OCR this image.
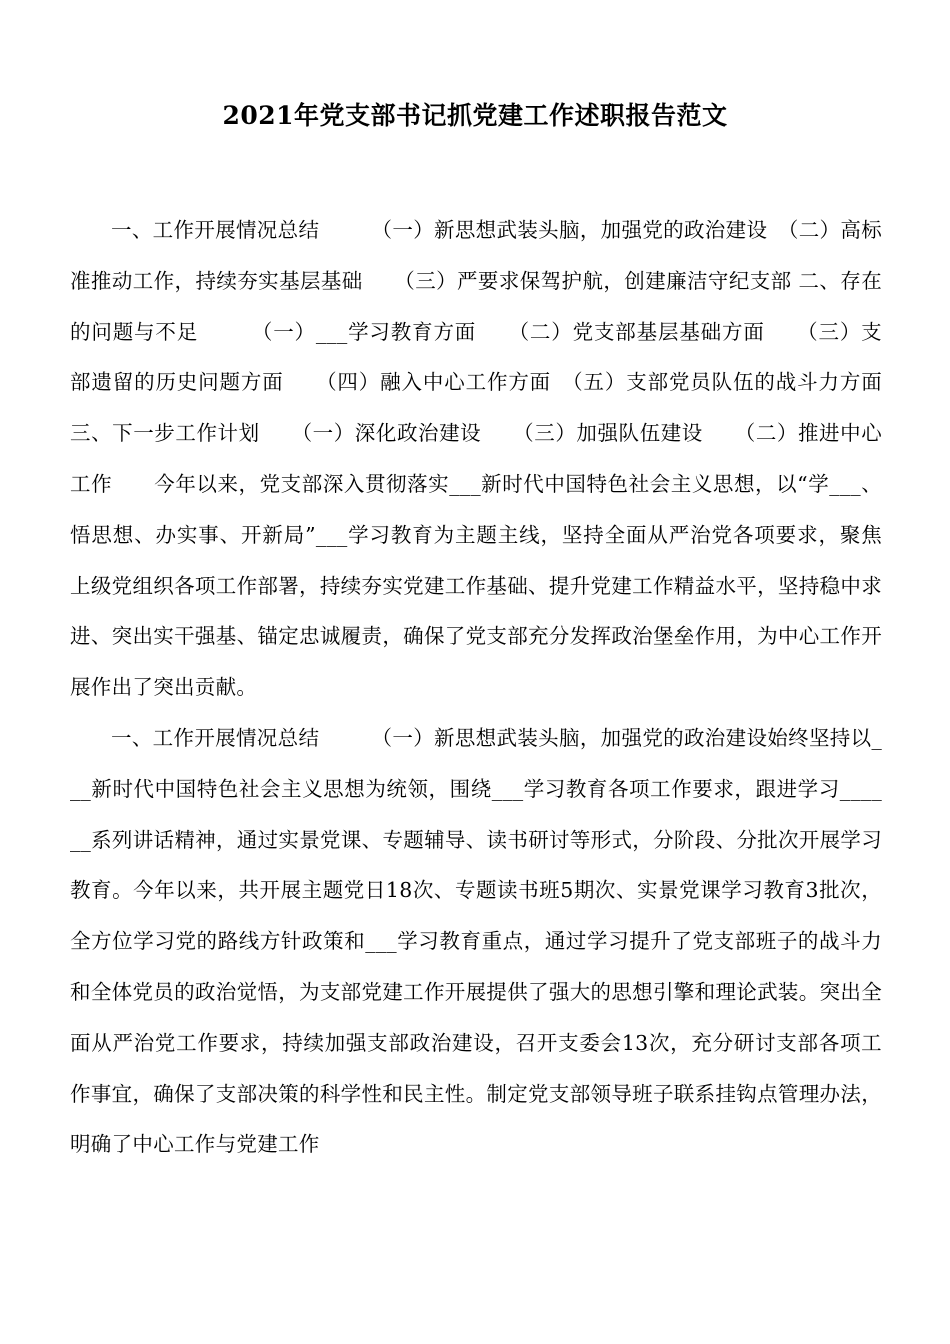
2021年党支部书记抓党建工作述职报告范文

一、工作开展情况总结　　　（一）新思想武装头脑，加强党的政治建设　（二）高标准推动工作，持续夯实基层基础　　（三）严要求保驾护航，创建廉洁守纪支部 二、存在的问题与不足　　　（一）___学习教育方面　　（二）党支部基层基础方面　　（三）支部遗留的历史问题方面　　（四）融入中心工作方面　（五）支部党员队伍的战斗力方面　　三、下一步工作计划　　（一）深化政治建设　　（三）加强队伍建设　　（二）推进中心工作　　今年以来，党支部深入贯彻落实___新时代中国特色社会主义思想，以“学___、悟思想、办实事、开新局”___学习教育为主题主线，坚持全面从严治党各项要求，聚焦 上级党组织各项工作部署，持续夯实党建工作基础、提升党建工作精益水平，坚持稳中求进、突出实干强基、锚定忠诚履责，确保了党支部充分发挥政治堡垒作用，为中心工作开展作出了突出贡献。

一、工作开展情况总结　　　（一）新思想武装头脑，加强党的政治建设始终坚持以___新时代中国特色社会主义思想为统领，围绕___学习教育各项工作要求，跟进学习______系列讲话精神，通过实景党课、专题辅导、读书研讨等形式，分阶段、分批次开展学习教育。今年以来，共开展主题党日18次、专题读书班5期次、实景党课学习教育3批次，全方位学习党的路线方针政策和___学习教育重点，通过学习提升了党支部班子的战斗力和全体党员的政治觉悟，为支部党建工作开展提供了强大的思想引擎和理论武装。突出全面从严治党工作要求，持续加强支部政治建设，召开支委会13次，充分研讨支部各项工作事宜，确保了支部决策的科学性和民主性。制定党支部领导班子联系挂钩点管理办法，明确了中心工作与党建工作
